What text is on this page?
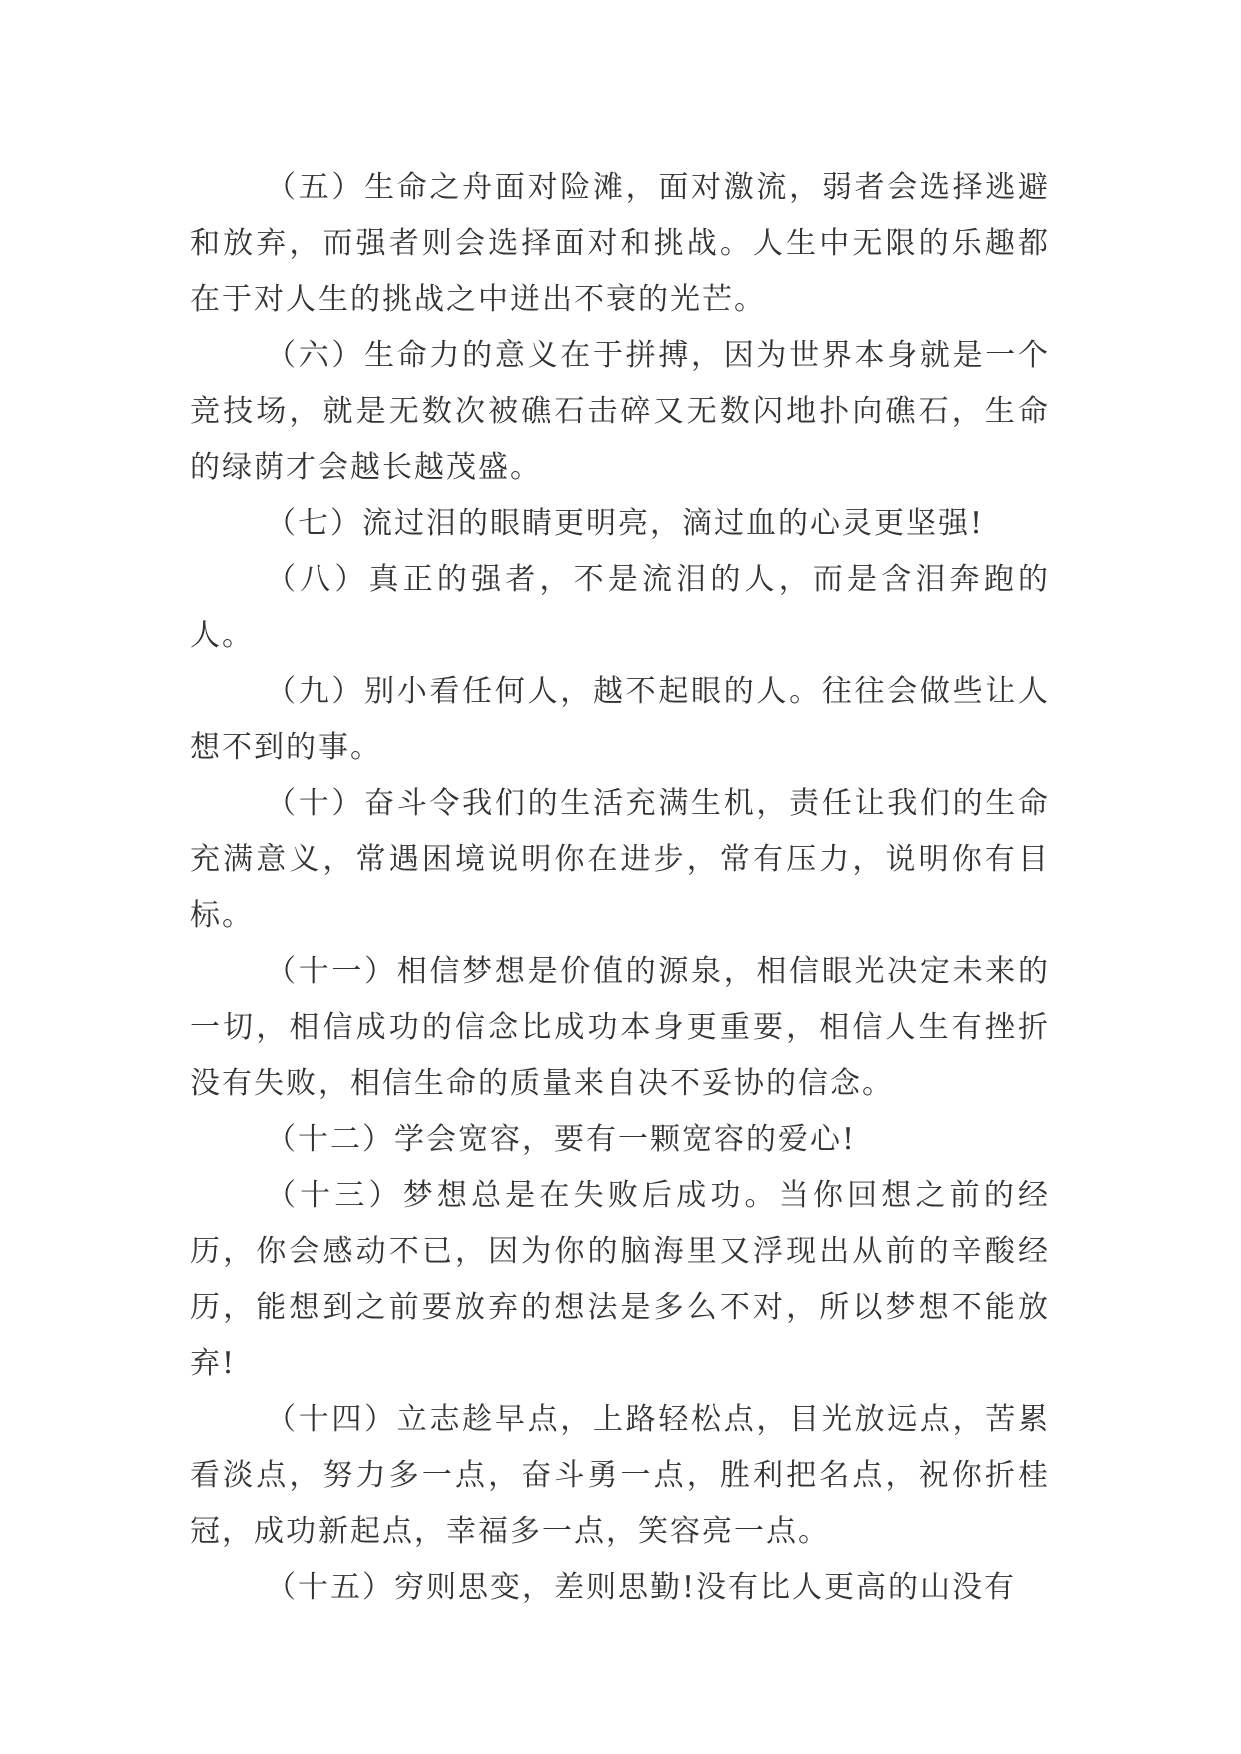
（五）生命之舟面对险滩，面对激流，弱者会选择逃避和放弃，而强者则会选择面对和挑战。人生中无限的乐趣都在于对人生的挑战之中迸出不衰的光芒。

（六）生命力的意义在于拼搏，因为世界本身就是一个竞技场，就是无数次被礁石击碎又无数闪地扑向礁石，生命的绿荫才会越长越茂盛。

（七）流过泪的眼睛更明亮，滴过血的心灵更坚强!

（八）真正的强者，不是流泪的人，而是含泪奔跑的人。

（九）别小看任何人，越不起眼的人。往往会做些让人想不到的事。

（十）奋斗令我们的生活充满生机，责任让我们的生命充满意义，常遇困境说明你在进步，常有压力，说明你有目标。

（十一）相信梦想是价值的源泉，相信眼光决定未来的一切，相信成功的信念比成功本身更重要，相信人生有挫折没有失败，相信生命的质量来自决不妥协的信念。

（十二）学会宽容，要有一颗宽容的爱心!

（十三）梦想总是在失败后成功。当你回想之前的经历，你会感动不已，因为你的脑海里又浮现出从前的辛酸经历，能想到之前要放弃的想法是多么不对，所以梦想不能放弃!

（十四）立志趁早点，上路轻松点，目光放远点，苦累看淡点，努力多一点，奋斗勇一点，胜利把名点，祝你折桂冠，成功新起点，幸福多一点，笑容亮一点。

（十五）穷则思变，差则思勤!没有比人更高的山没有
